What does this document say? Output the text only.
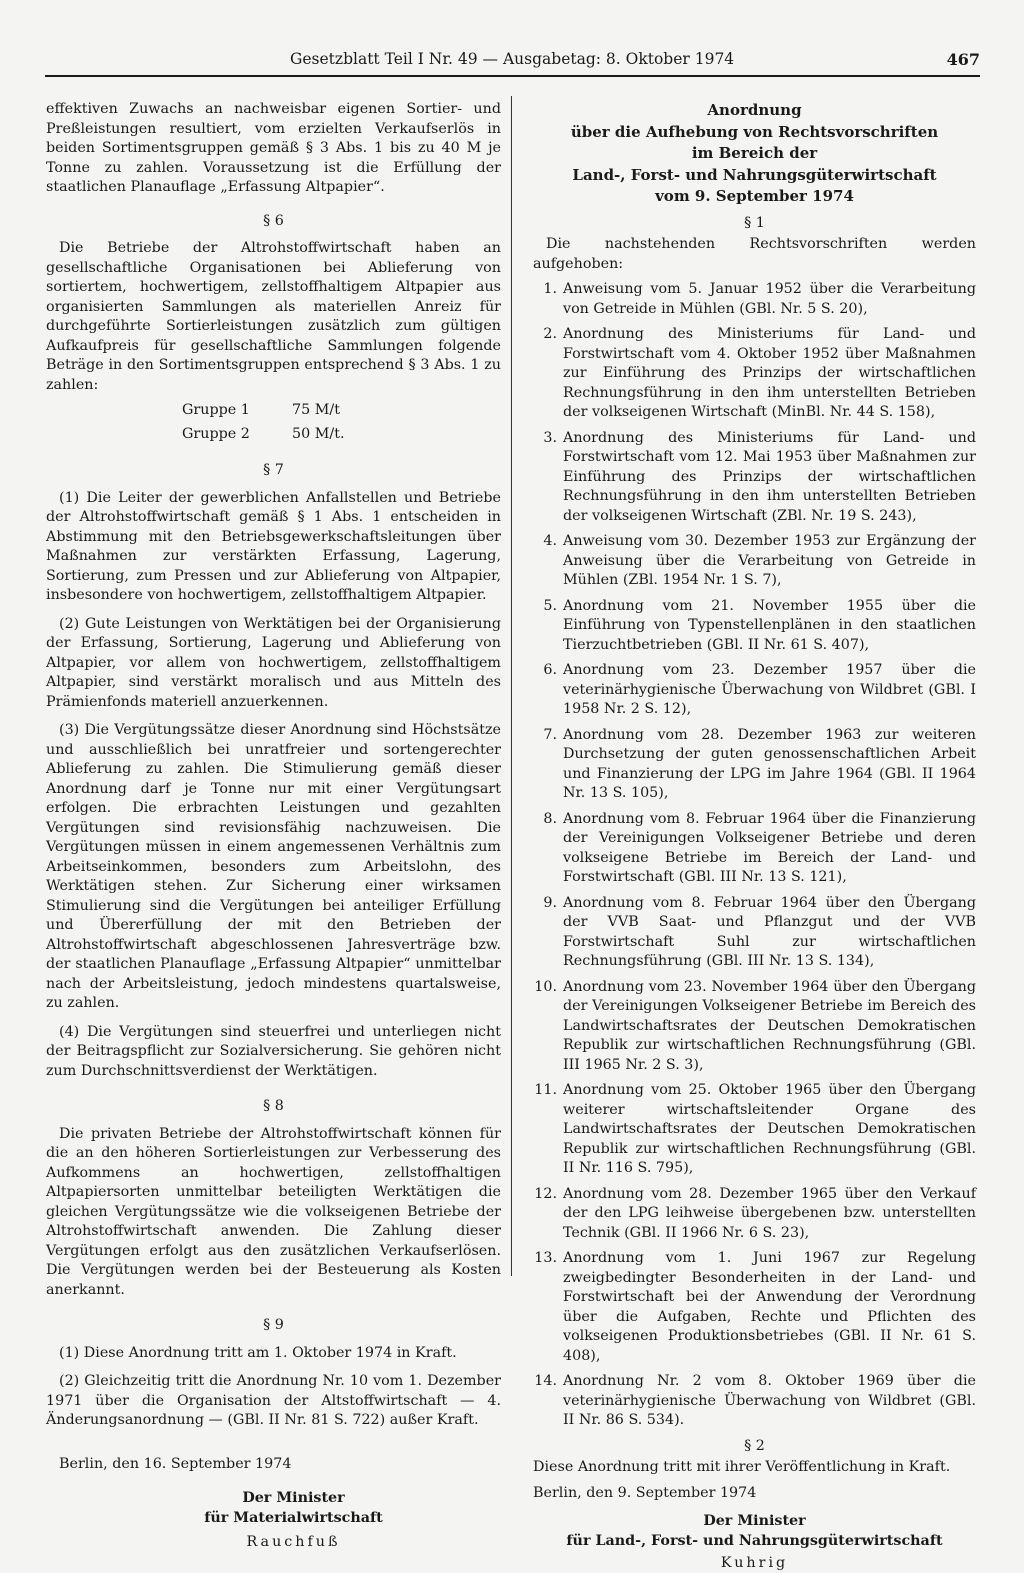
Gesetzblatt Teil I Nr. 49 — Ausgabetag: 8. Oktober 1974	467

effektiven Zuwachs an nachweisbar eigenen Sortier- und Preßleistungen resultiert, vom erzielten Verkaufserlös in beiden Sortimentsgruppen gemäß § 3 Abs. 1 bis zu 40 M je Tonne zu zahlen. Voraussetzung ist die Erfüllung der staatlichen Planauflage „Erfassung Altpapier“.

§ 6

Die Betriebe der Altrohstoffwirtschaft haben an gesellschaftliche Organisationen bei Ablieferung von sortiertem, hochwertigem, zellstoffhaltigem Altpapier aus organisierten Sammlungen als materiellen Anreiz für durchgeführte Sortierleistungen zusätzlich zum gültigen Aufkaufpreis für gesellschaftliche Sammlungen folgende Beträge in den Sortimentsgruppen entsprechend § 3 Abs. 1 zu zahlen:

Gruppe 1	75 M/t
Gruppe 2	50 M/t.
§ 7

(1) Die Leiter der gewerblichen Anfallstellen und Betriebe der Altrohstoffwirtschaft gemäß § 1 Abs. 1 entscheiden in Abstimmung mit den Betriebsgewerkschaftsleitungen über Maßnahmen zur verstärkten Erfassung, Lagerung, Sortierung, zum Pressen und zur Ablieferung von Altpapier, insbesondere von hochwertigem, zellstoffhaltigem Altpapier.

(2) Gute Leistungen von Werktätigen bei der Organisierung der Erfassung, Sortierung, Lagerung und Ablieferung von Altpapier, vor allem von hochwertigem, zellstoffhaltigem Altpapier, sind verstärkt moralisch und aus Mitteln des Prämienfonds materiell anzuerkennen.

(3) Die Vergütungssätze dieser Anordnung sind Höchstsätze und ausschließlich bei unratfreier und sortengerechter Ablieferung zu zahlen. Die Stimulierung gemäß dieser Anordnung darf je Tonne nur mit einer Vergütungsart erfolgen. Die erbrachten Leistungen und gezahlten Vergütungen sind revisionsfähig nachzuweisen. Die Vergütungen müssen in einem angemessenen Verhältnis zum Arbeitseinkommen, besonders zum Arbeitslohn, des Werktätigen stehen. Zur Sicherung einer wirksamen Stimulierung sind die Vergütungen bei anteiliger Erfüllung und Übererfüllung der mit den Betrieben der Altrohstoffwirtschaft abgeschlossenen Jahresverträge bzw. der staatlichen Planauflage „Erfassung Altpapier“ unmittelbar nach der Arbeitsleistung, jedoch mindestens quartalsweise, zu zahlen.

(4) Die Vergütungen sind steuerfrei und unterliegen nicht der Beitragspflicht zur Sozialversicherung. Sie gehören nicht zum Durchschnittsverdienst der Werktätigen.

§ 8

Die privaten Betriebe der Altrohstoffwirtschaft können für die an den höheren Sortierleistungen zur Verbesserung des Aufkommens an hochwertigen, zellstoffhaltigen Altpapiersorten unmittelbar beteiligten Werktätigen die gleichen Vergütungssätze wie die volkseigenen Betriebe der Altrohstoffwirtschaft anwenden. Die Zahlung dieser Vergütungen erfolgt aus den zusätzlichen Verkaufserlösen. Die Vergütungen werden bei der Besteuerung als Kosten anerkannt.

§ 9

(1) Diese Anordnung tritt am 1. Oktober 1974 in Kraft.

(2) Gleichzeitig tritt die Anordnung Nr. 10 vom 1. Dezember 1971 über die Organisation der Altstoffwirtschaft — 4. Änderungsanordnung — (GBl. II Nr. 81 S. 722) außer Kraft.

Berlin, den 16. September 1974

Der Minister
für Materialwirtschaft
Rauchfuß
Anordnung
über die Aufhebung von Rechtsvorschriften
im Bereich der
Land-, Forst- und Nahrungsgüterwirtschaft
vom 9. September 1974
§ 1

Die nachstehenden Rechtsvorschriften werden aufgehoben:

1. Anweisung vom 5. Januar 1952 über die Verarbeitung von Getreide in Mühlen (GBl. Nr. 5 S. 20),
2. Anordnung des Ministeriums für Land- und Forstwirtschaft vom 4. Oktober 1952 über Maßnahmen zur Einführung des Prinzips der wirtschaftlichen Rechnungsführung in den ihm unterstellten Betrieben der volkseigenen Wirtschaft (MinBl. Nr. 44 S. 158),
3. Anordnung des Ministeriums für Land- und Forstwirtschaft vom 12. Mai 1953 über Maßnahmen zur Einführung des Prinzips der wirtschaftlichen Rechnungsführung in den ihm unterstellten Betrieben der volkseigenen Wirtschaft (ZBl. Nr. 19 S. 243),
4. Anweisung vom 30. Dezember 1953 zur Ergänzung der Anweisung über die Verarbeitung von Getreide in Mühlen (ZBl. 1954 Nr. 1 S. 7),
5. Anordnung vom 21. November 1955 über die Einführung von Typenstellenplänen in den staatlichen Tierzuchtbetrieben (GBl. II Nr. 61 S. 407),
6. Anordnung vom 23. Dezember 1957 über die veterinärhygienische Überwachung von Wildbret (GBl. I 1958 Nr. 2 S. 12),
7. Anordnung vom 28. Dezember 1963 zur weiteren Durchsetzung der guten genossenschaftlichen Arbeit und Finanzierung der LPG im Jahre 1964 (GBl. II 1964 Nr. 13 S. 105),
8. Anordnung vom 8. Februar 1964 über die Finanzierung der Vereinigungen Volkseigener Betriebe und deren volkseigene Betriebe im Bereich der Land- und Forstwirtschaft (GBl. III Nr. 13 S. 121),
9. Anordnung vom 8. Februar 1964 über den Übergang der VVB Saat- und Pflanzgut und der VVB Forstwirtschaft Suhl zur wirtschaftlichen Rechnungsführung (GBl. III Nr. 13 S. 134),
10. Anordnung vom 23. November 1964 über den Übergang der Vereinigungen Volkseigener Betriebe im Bereich des Landwirtschaftsrates der Deutschen Demokratischen Republik zur wirtschaftlichen Rechnungsführung (GBl. III 1965 Nr. 2 S. 3),
11. Anordnung vom 25. Oktober 1965 über den Übergang weiterer wirtschaftsleitender Organe des Landwirtschaftsrates der Deutschen Demokratischen Republik zur wirtschaftlichen Rechnungsführung (GBl. II Nr. 116 S. 795),
12. Anordnung vom 28. Dezember 1965 über den Verkauf der den LPG leihweise übergebenen bzw. unterstellten Technik (GBl. II 1966 Nr. 6 S. 23),
13. Anordnung vom 1. Juni 1967 zur Regelung zweigbedingter Besonderheiten in der Land- und Forstwirtschaft bei der Anwendung der Verordnung über die Aufgaben, Rechte und Pflichten des volkseigenen Produktionsbetriebes (GBl. II Nr. 61 S. 408),
14. Anordnung Nr. 2 vom 8. Oktober 1969 über die veterinärhygienische Überwachung von Wildbret (GBl. II Nr. 86 S. 534).
§ 2

Diese Anordnung tritt mit ihrer Veröffentlichung in Kraft.

Berlin, den 9. September 1974

Der Minister
für Land-, Forst- und Nahrungsgüterwirtschaft
Kuhrig
